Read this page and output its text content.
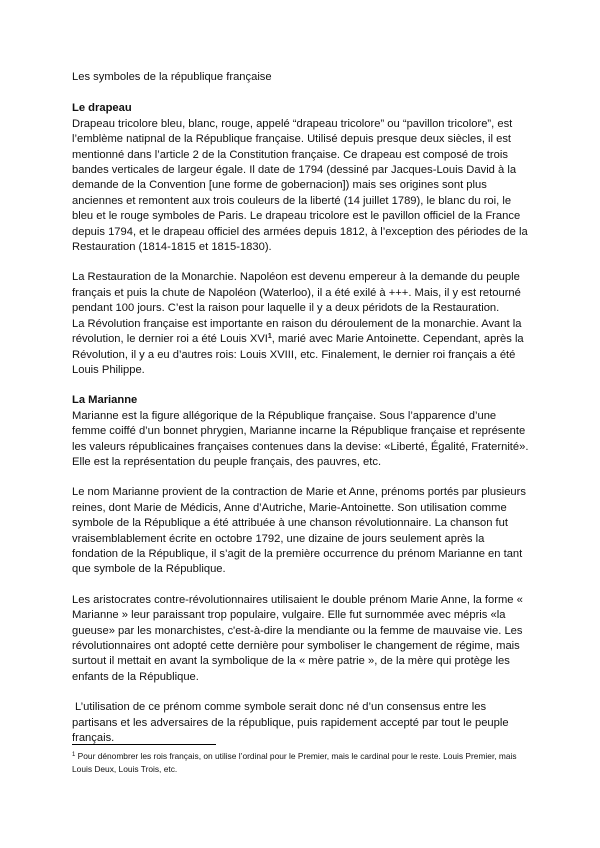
Les symboles de la république française

Le drapeau

Drapeau tricolore bleu, blanc, rouge, appelé “drapeau tricolore” ou “pavillon tricolore”, est l’emblème natipnal de la République française. Utilisé depuis presque deux siècles, il est mentionné dans l’article 2 de la Constitution française. Ce drapeau est composé de trois bandes verticales de largeur égale. Il date de 1794 (dessiné par Jacques-Louis David à la demande de la Convention [une forme de gobernacion]) mais ses origines sont plus anciennes et remontent aux trois couleurs de la liberté (14 juillet 1789), le blanc du roi, le bleu et le rouge symboles de Paris. Le drapeau tricolore est le pavillon officiel de la France depuis 1794, et le drapeau officiel des armées depuis 1812, à l’exception des périodes de la Restauration (1814-1815 et 1815-1830).

La Restauration de la Monarchie. Napoléon est devenu empereur à la demande du peuple français et puis la chute de Napoléon (Waterloo), il a été exilé à +++. Mais, il y est retourné pendant 100 jours. C’est la raison pour laquelle il y a deux péridots de la Restauration.

La Révolution française est importante en raison du déroulement de la monarchie. Avant la révolution, le dernier roi a été Louis XVI$^1$, marié avec Marie Antoinette. Cependant, après la Révolution, il y a eu d’autres rois: Louis XVIII, etc. Finalement, le dernier roi français a été Louis Philippe.

La Marianne

Marianne est la figure allégorique de la République française. Sous l’apparence d’une femme coiffé d’un bonnet phrygien, Marianne incarne la République française et représente les valeurs républicaines françaises contenues dans la devise: «Liberté, Égalité, Fraternité». Elle est la représentation du peuple français, des pauvres, etc.

Le nom Marianne provient de la contraction de Marie et Anne, prénoms portés par plusieurs reines, dont Marie de Médicis, Anne d’Autriche, Marie-Antoinette. Son utilisation comme symbole de la République a été attribuée à une chanson révolutionnaire. La chanson fut vraisemblablement écrite en octobre 1792, une dizaine de jours seulement après la fondation de la République, il s’agit de la première occurrence du prénom Marianne en tant que symbole de la République.

Les aristocrates contre-révolutionnaires utilisaient le double prénom Marie Anne, la forme « Marianne » leur paraissant trop populaire, vulgaire. Elle fut surnommée avec mépris «la gueuse» par les monarchistes, c'est-à-dire la mendiante ou la femme de mauvaise vie. Les révolutionnaires ont adopté cette dernière pour symboliser le changement de régime, mais surtout il mettait en avant la symbolique de la « mère patrie », de la mère qui protège les enfants de la République.

L’utilisation de ce prénom comme symbole serait donc né d’un consensus entre les partisans et les adversaires de la république, puis rapidement accepté par tout le peuple français.

$^1$ Pour dénombrer les rois français, on utilise l’ordinal pour le Premier, mais le cardinal pour le reste. Louis Premier, mais Louis Deux, Louis Trois, etc.
